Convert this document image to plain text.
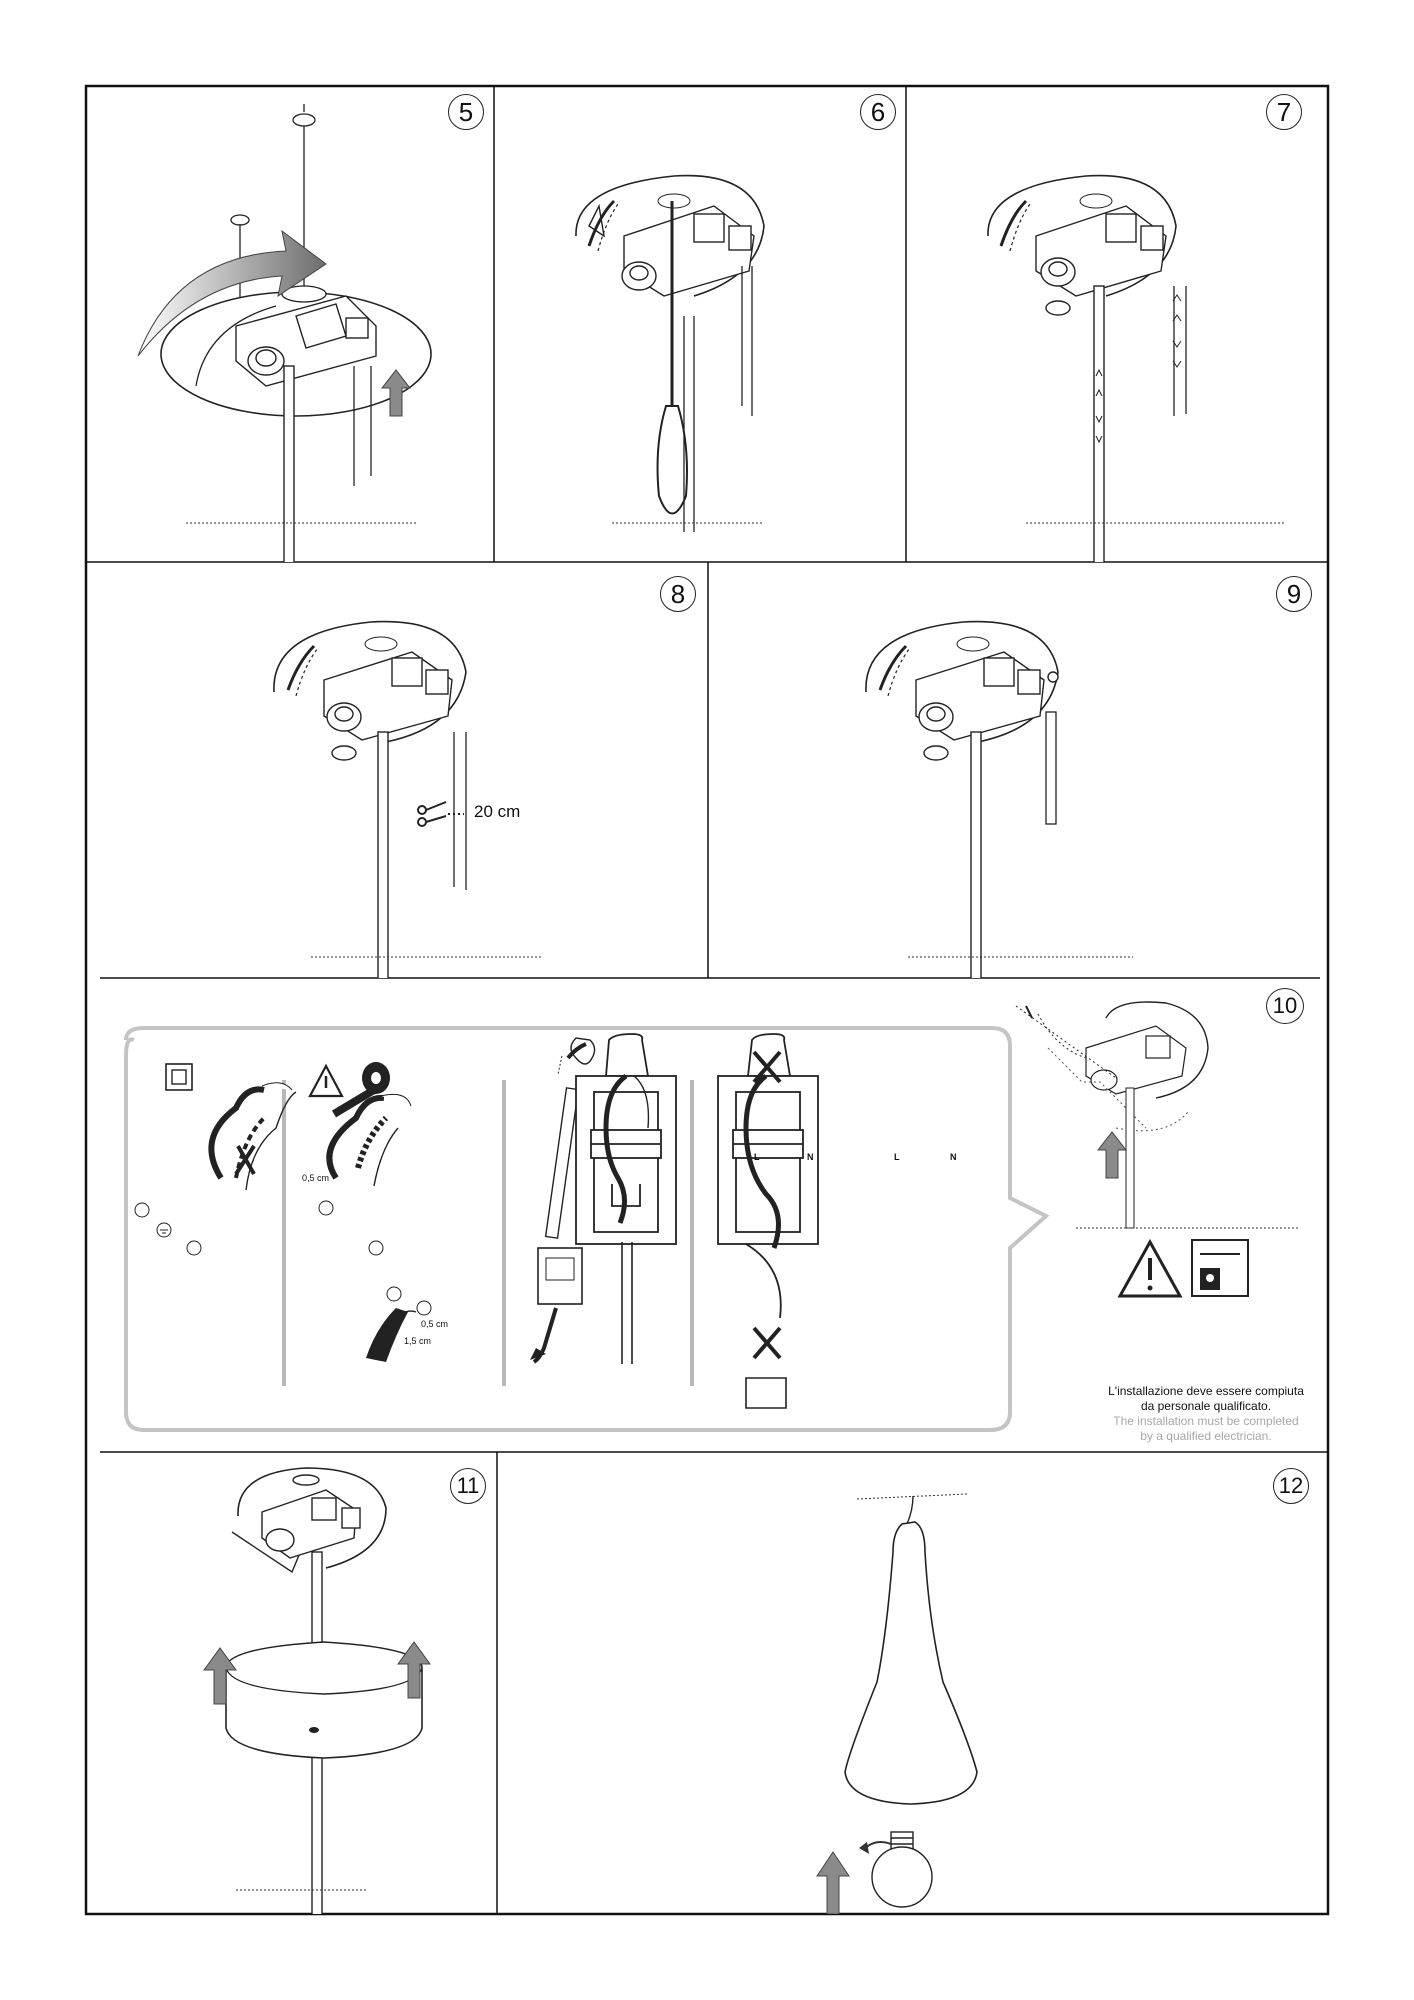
5	6	7
20 cm
8	9
0,5 cm
0,5 cm
1,5 cm
L	N	L	N
L'installazione deve essere compiuta
da personale qualificato.
The installation must be completed
by a qualified electrician.
10
11	12
